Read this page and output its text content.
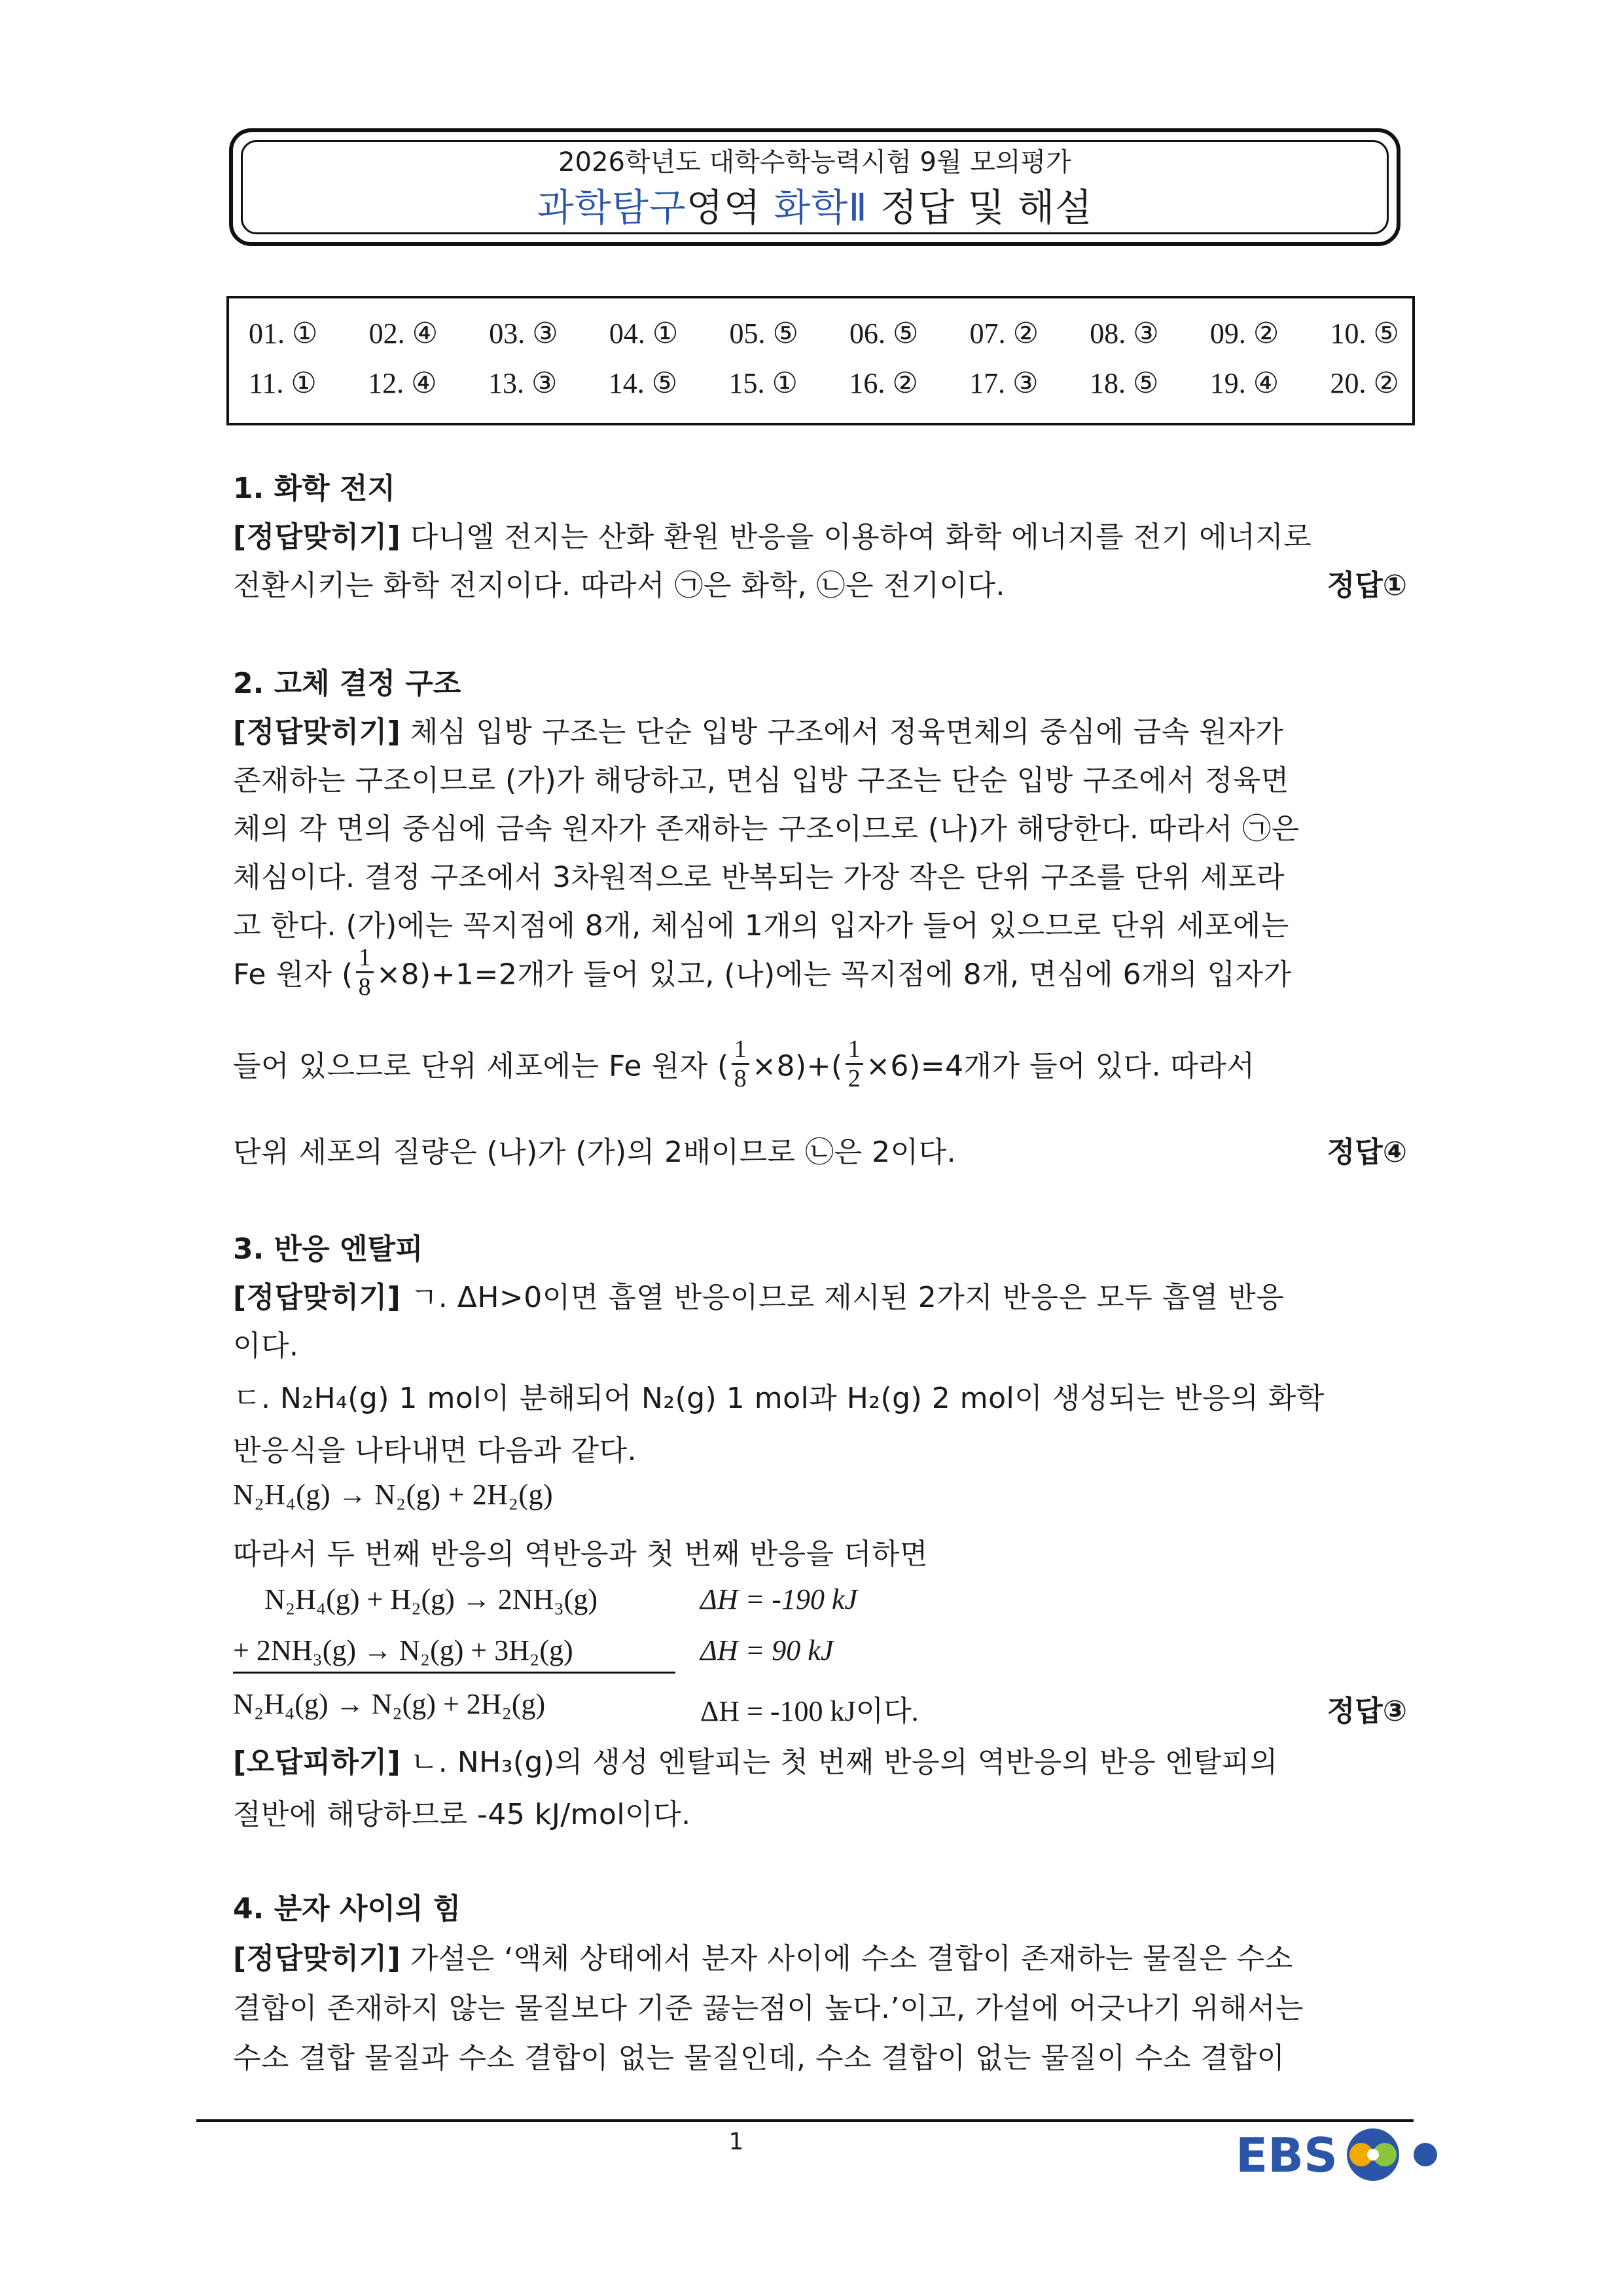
2026학년도 대학수학능력시험 9월 모의평가
과학탐구영역 화학Ⅱ 정답 및 해설
01. ① 02. ④ 03. ③ 04. ① 05. ⑤ 06. ⑤ 07. ② 08. ③ 09. ② 10. ⑤
11. ① 12. ④ 13. ③ 14. ⑤ 15. ① 16. ② 17. ③ 18. ⑤ 19. ④ 20. ②
1. 화학 전지
[정답맞히기] 다니엘 전지는 산화 환원 반응을 이용하여 화학 에너지를 전기 에너지로
전환시키는 화학 전지이다. 따라서 ㉠은 화학, ㉡은 전기이다.	정답①
2. 고체 결정 구조
[정답맞히기] 체심 입방 구조는 단순 입방 구조에서 정육면체의 중심에 금속 원자가
존재하는 구조이므로 (가)가 해당하고, 면심 입방 구조는 단순 입방 구조에서 정육면
체의 각 면의 중심에 금속 원자가 존재하는 구조이므로 (나)가 해당한다. 따라서 ㉠은
체심이다. 결정 구조에서 3차원적으로 반복되는 가장 작은 단위 구조를 단위 세포라
고 한다. (가)에는 꼭지점에 8개, 체심에 1개의 입자가 들어 있으므로 단위 세포에는
Fe 원자 ( $\frac{1}{8} \times 8)+1=2$개가 들어 있고, (나)에는 꼭지점에 8개, 면심에 6개의 입자가
들어 있으므로 단위 세포에는 Fe 원자 ( $\frac{1}{8} \times 8)+( \frac{1}{2} \times 6)=4$개가 들어 있다. 따라서
단위 세포의 질량은 (나)가 (가)의 2배이므로 ㉡은 2이다.	정답④
3. 반응 엔탈피
[정답맞히기] ㄱ. ΔH>0이면 흡열 반응이므로 제시된 2가지 반응은 모두 흡열 반응
이다.
ㄷ. N₂H₄(g) 1 mol이 분해되어 N₂(g) 1 mol과 H₂(g) 2 mol이 생성되는 반응의 화학
반응식을 나타내면 다음과 같다.
N₂H₄(g) → N₂(g) + 2H₂(g)
따라서 두 번째 반응의 역반응과 첫 번째 반응을 더하면
N₂H₄(g) + H₂(g) → 2NH₃(g)	ΔH = -190 kJ
+ 2NH₃(g) → N₂(g) + 3H₂(g)	ΔH = 90 kJ
N₂H₄(g) → N₂(g) + 2H₂(g)	ΔH = -100 kJ이다.	정답③
[오답피하기] ㄴ. NH₃(g)의 생성 엔탈피는 첫 번째 반응의 역반응의 반응 엔탈피의
절반에 해당하므로 -45 kJ/mol이다.
4. 분자 사이의 힘
[정답맞히기] 가설은 ‘액체 상태에서 분자 사이에 수소 결합이 존재하는 물질은 수소
결합이 존재하지 않는 물질보다 기준 끓는점이 높다.’이고, 가설에 어긋나기 위해서는
수소 결합 물질과 수소 결합이 없는 물질인데, 수소 결합이 없는 물질이 수소 결합이
1	EBS
